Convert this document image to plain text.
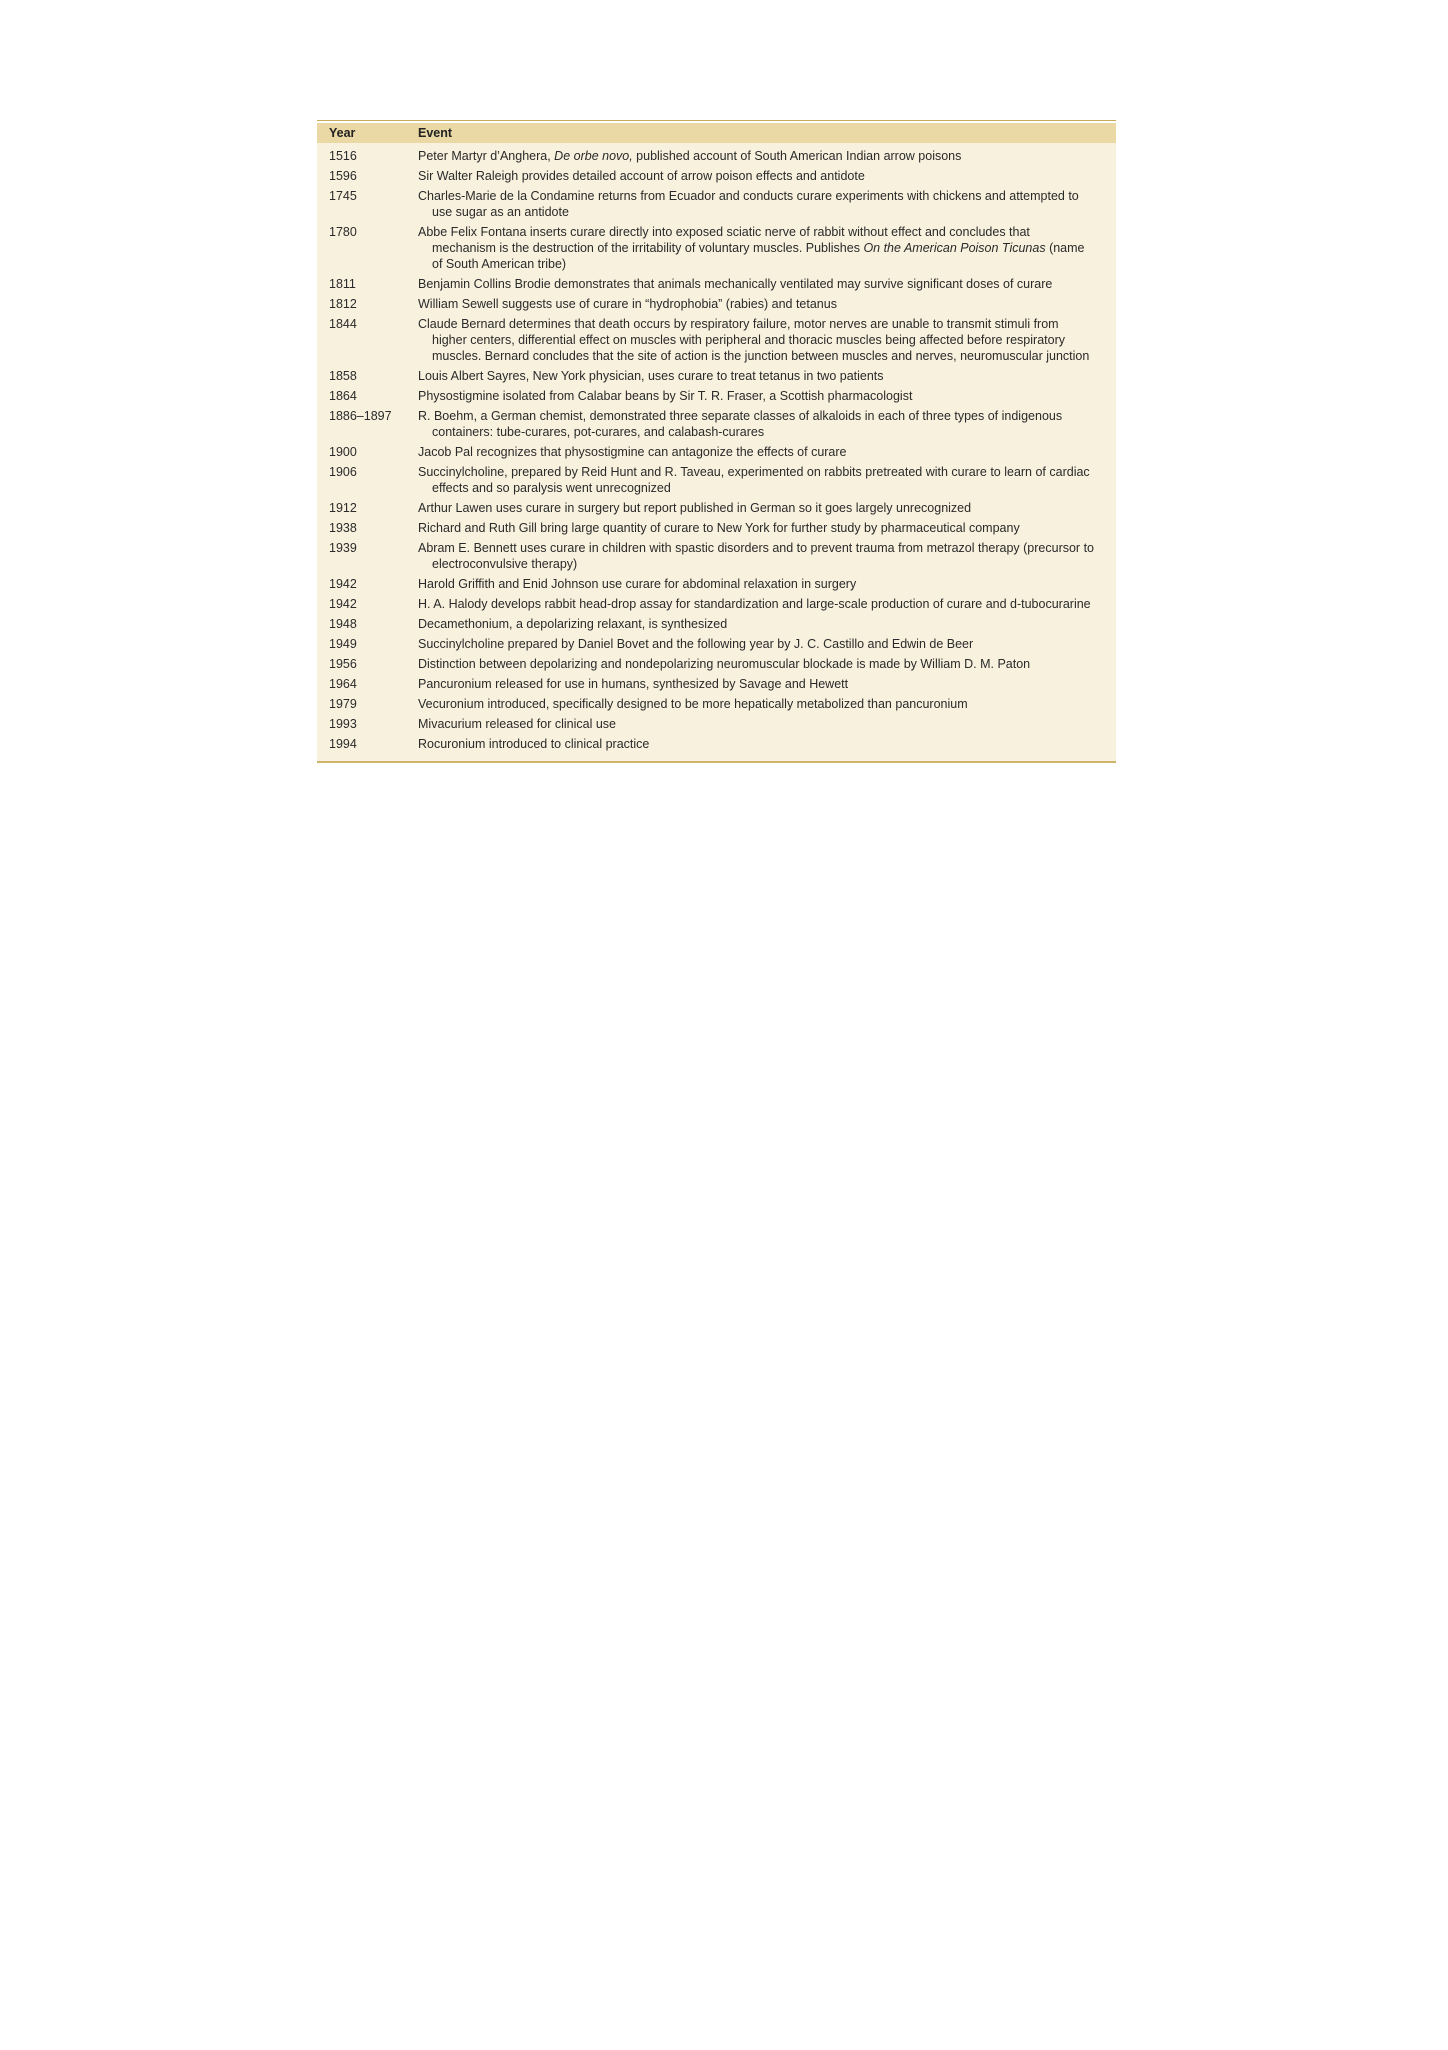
Year	Event
1516	Peter Martyr d’Anghera, De orbe novo, published account of South American Indian arrow poisons
1596	Sir Walter Raleigh provides detailed account of arrow poison effects and antidote
1745	Charles-Marie de la Condamine returns from Ecuador and conducts curare experiments with chickens and attempted to use sugar as an antidote
1780	Abbe Felix Fontana inserts curare directly into exposed sciatic nerve of rabbit without effect and concludes that mechanism is the destruction of the irritability of voluntary muscles. Publishes On the American Poison Ticunas (name of South American tribe)
1811	Benjamin Collins Brodie demonstrates that animals mechanically ventilated may survive significant doses of curare
1812	William Sewell suggests use of curare in “hydrophobia” (rabies) and tetanus
1844	Claude Bernard determines that death occurs by respiratory failure, motor nerves are unable to transmit stimuli from higher centers, differential effect on muscles with peripheral and thoracic muscles being affected before respiratory muscles. Bernard concludes that the site of action is the junction between muscles and nerves, neuromuscular junction
1858	Louis Albert Sayres, New York physician, uses curare to treat tetanus in two patients
1864	Physostigmine isolated from Calabar beans by Sir T. R. Fraser, a Scottish pharmacologist
1886–1897	R. Boehm, a German chemist, demonstrated three separate classes of alkaloids in each of three types of indigenous containers: tube-curares, pot-curares, and calabash-curares
1900	Jacob Pal recognizes that physostigmine can antagonize the effects of curare
1906	Succinylcholine, prepared by Reid Hunt and R. Taveau, experimented on rabbits pretreated with curare to learn of cardiac effects and so paralysis went unrecognized
1912	Arthur Lawen uses curare in surgery but report published in German so it goes largely unrecognized
1938	Richard and Ruth Gill bring large quantity of curare to New York for further study by pharmaceutical company
1939	Abram E. Bennett uses curare in children with spastic disorders and to prevent trauma from metrazol therapy (precursor to electroconvulsive therapy)
1942	Harold Griffith and Enid Johnson use curare for abdominal relaxation in surgery
1942	H. A. Halody develops rabbit head-drop assay for standardization and large-scale production of curare and d-tubocurarine
1948	Decamethonium, a depolarizing relaxant, is synthesized
1949	Succinylcholine prepared by Daniel Bovet and the following year by J. C. Castillo and Edwin de Beer
1956	Distinction between depolarizing and nondepolarizing neuromuscular blockade is made by William D. M. Paton
1964	Pancuronium released for use in humans, synthesized by Savage and Hewett
1979	Vecuronium introduced, specifically designed to be more hepatically metabolized than pancuronium
1993	Mivacurium released for clinical use
1994	Rocuronium introduced to clinical practice
